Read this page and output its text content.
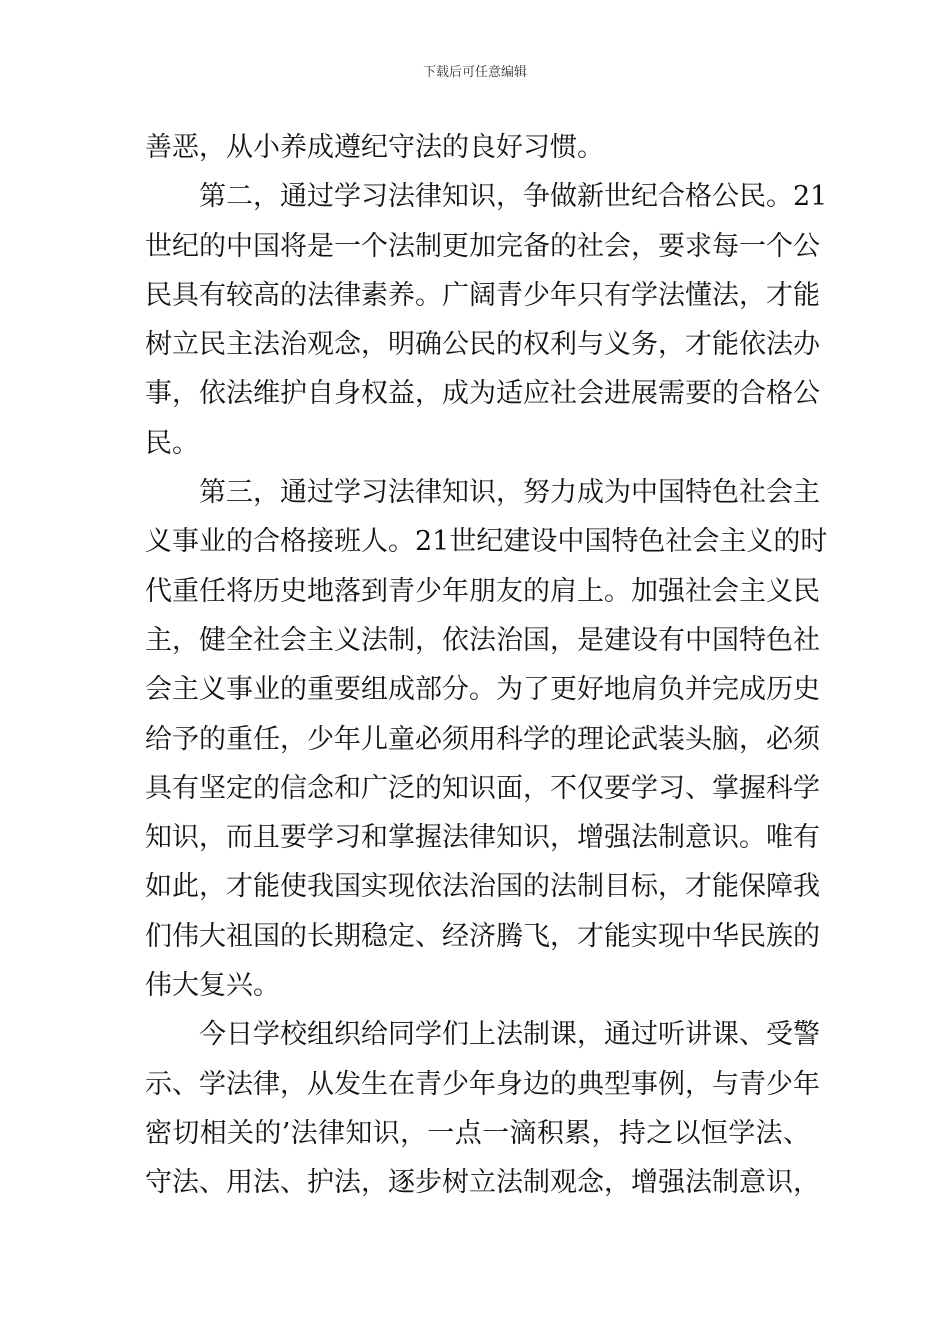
下载后可任意编辑
善恶，从小养成遵纪守法的良好习惯。
第二，通过学习法律知识，争做新世纪合格公民。21
世纪的中国将是一个法制更加完备的社会，要求每一个公
民具有较高的法律素养。广阔青少年只有学法懂法，才能
树立民主法治观念，明确公民的权利与义务，才能依法办
事，依法维护自身权益，成为适应社会进展需要的合格公
民。
第三，通过学习法律知识，努力成为中国特色社会主
义事业的合格接班人。21世纪建设中国特色社会主义的时
代重任将历史地落到青少年朋友的肩上。加强社会主义民
主，健全社会主义法制，依法治国，是建设有中国特色社
会主义事业的重要组成部分。为了更好地肩负并完成历史
给予的重任，少年儿童必须用科学的理论武装头脑，必须
具有坚定的信念和广泛的知识面，不仅要学习、掌握科学
知识，而且要学习和掌握法律知识，增强法制意识。唯有
如此，才能使我国实现依法治国的法制目标，才能保障我
们伟大祖国的长期稳定、经济腾飞，才能实现中华民族的
伟大复兴。
今日学校组织给同学们上法制课，通过听讲课、受警
示、学法律，从发生在青少年身边的典型事例，与青少年
密切相关的’法律知识，一点一滴积累，持之以恒学法、
守法、用法、护法，逐步树立法制观念，增强法制意识，
